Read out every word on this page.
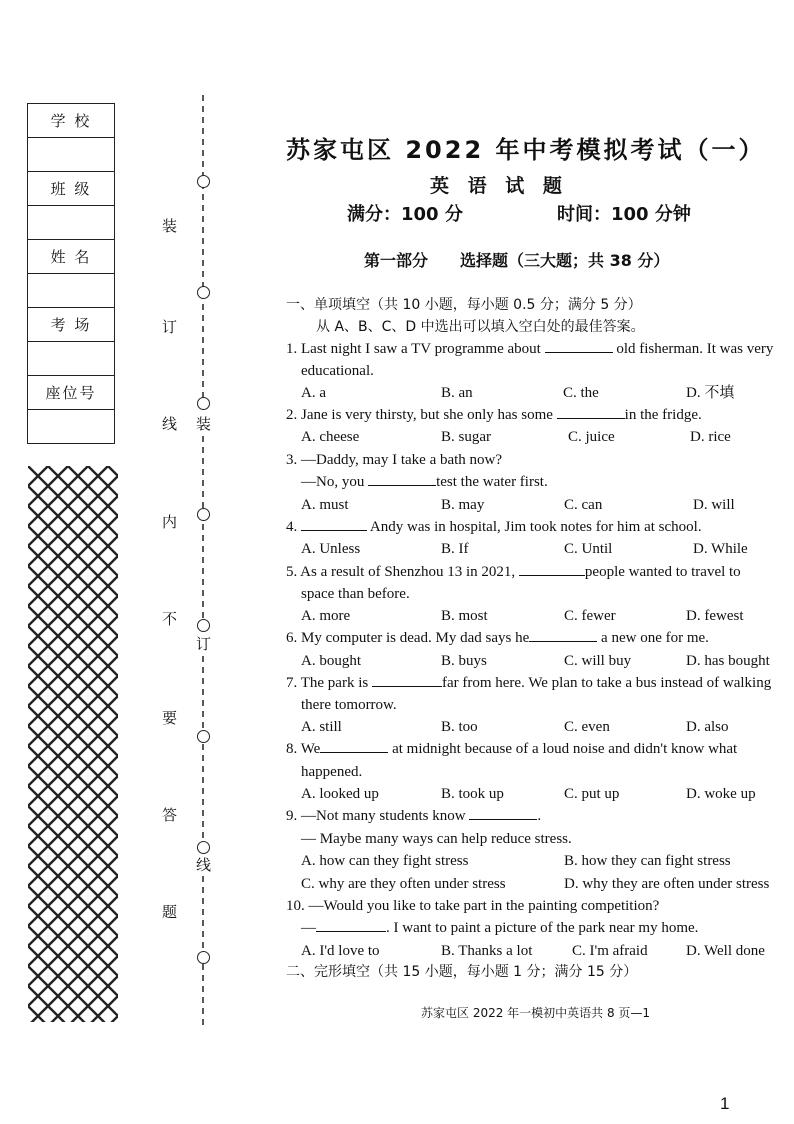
学 校

班 级

姓 名

考 场

座位号

装
订
线
内
不
要
答
题
装
订
线
苏家屯区 2022 年中考模拟考试（一）
英 语 试 题
满分：100 分	时间：100 分钟
第一部分　　选择题（三大题；共 38 分）
一、单项填空（共 10 小题，每小题 0.5 分；满分 5 分）
从 A、B、C、D 中选出可以填入空白处的最佳答案。
1. Last night I saw a TV programme about	old fisherman. It was very
educational.
A. a	B. an	C. the	D. 不填
2. Jane is very thirsty, but she only has some	in the fridge.
A. cheese	B. sugar	C. juice	D. rice
3. —Daddy, may I take a bath now?
—No, you	test the water first.
A. must	B. may	C. can	D. will
4.	Andy was in hospital, Jim took notes for him at school.
A. Unless	B. If	C. Until	D. While
5. As a result of Shenzhou 13 in 2021,	people wanted to travel to
space than before.
A. more	B. most	C. fewer	D. fewest
6. My computer is dead. My dad says he	a new one for me.
A. bought	B. buys	C. will buy	D. has bought
7. The park is	far from here. We plan to take a bus instead of walking
there tomorrow.
A. still	B. too	C. even	D. also
8. We	at midnight because of a loud noise and didn't know what
happened.
A. looked up	B. took up	C. put up	D. woke up
9. —Not many students know	.
— Maybe many ways can help reduce stress.
A. how can they fight stress	B. how they can fight stress
C. why are they often under stress	D. why they are often under stress
10. —Would you like to take part in the painting competition?
—	. I want to paint a picture of the park near my home.
A. I'd love to	B. Thanks a lot	C. I'm afraid	D. Well done
二、完形填空（共 15 小题，每小题 1 分；满分 15 分）
苏家屯区 2022 年一模初中英语共 8 页—1
1
